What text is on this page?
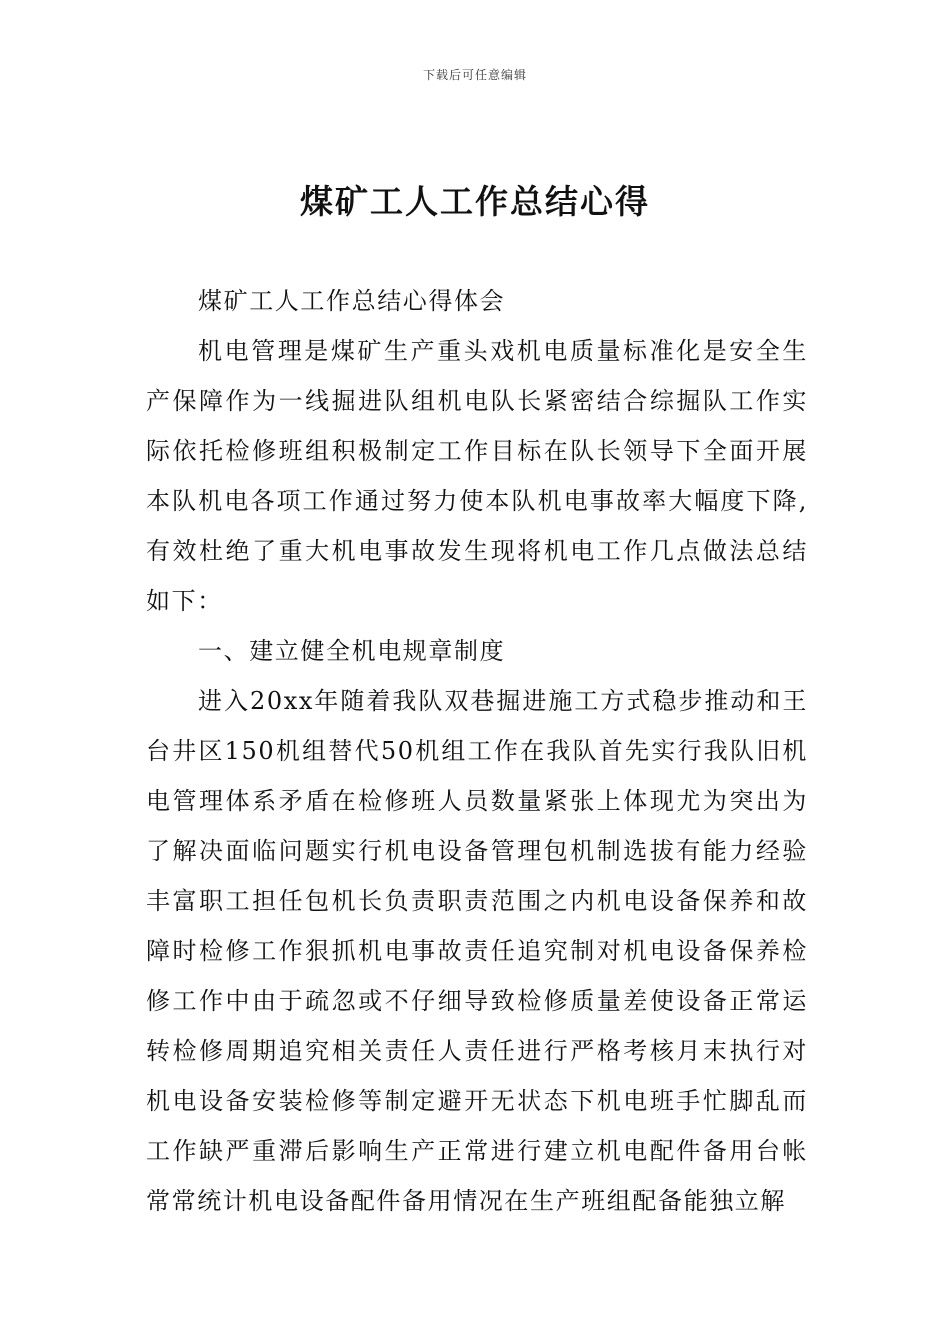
下载后可任意编辑
煤矿工人工作总结心得

煤矿工人工作总结心得体会

机电管理是煤矿生产重头戏机电质量标准化是安全生产保障作为一线掘进队组机电队长紧密结合综掘队工作实际依托检修班组积极制定工作目标在队长领导下全面开展本队机电各项工作通过努力使本队机电事故率大幅度下降,有效杜绝了重大机电事故发生现将机电工作几点做法总结如下：

一、建立健全机电规章制度

进入20xx年随着我队双巷掘进施工方式稳步推动和王台井区150机组替代50机组工作在我队首先实行我队旧机电管理体系矛盾在检修班人员数量紧张上体现尤为突出为了解决面临问题实行机电设备管理包机制选拔有能力经验丰富职工担任包机长负责职责范围之内机电设备保养和故障时检修工作狠抓机电事故责任追究制对机电设备保养检修工作中由于疏忽或不仔细导致检修质量差使设备正常运转检修周期追究相关责任人责任进行严格考核月末执行对机电设备安装检修等制定避开无状态下机电班手忙脚乱而工作缺严重滞后影响生产正常进行建立机电配件备用台帐常常统计机电设备配件备用情况在生产班组配备能独立解
